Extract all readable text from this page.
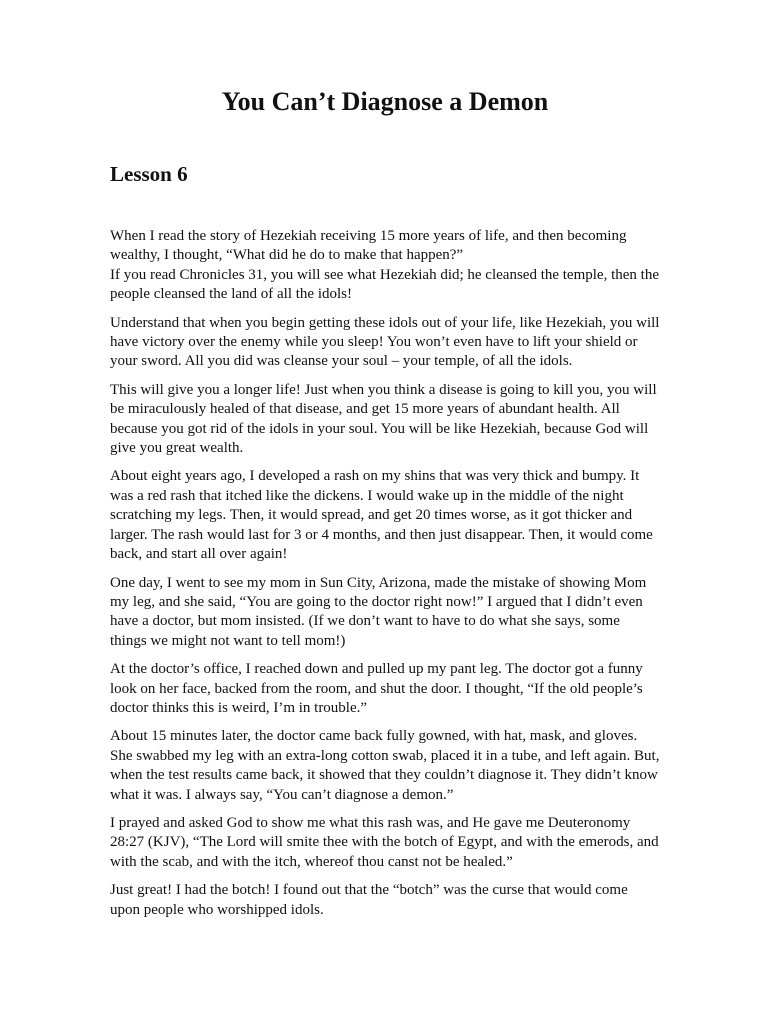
You Can’t Diagnose a Demon
Lesson 6

When I read the story of Hezekiah receiving 15 more years of life, and then becoming wealthy, I thought, “What did he do to make that happen?”

If you read Chronicles 31, you will see what Hezekiah did; he cleansed the temple, then the people cleansed the land of all the idols!

Understand that when you begin getting these idols out of your life, like Hezekiah, you will have victory over the enemy while you sleep! You won’t even have to lift your shield or your sword. All you did was cleanse your soul – your temple, of all the idols.

This will give you a longer life! Just when you think a disease is going to kill you, you will be miraculously healed of that disease, and get 15 more years of abundant health. All because you got rid of the idols in your soul. You will be like Hezekiah, because God will give you great wealth.

About eight years ago, I developed a rash on my shins that was very thick and bumpy. It was a red rash that itched like the dickens. I would wake up in the middle of the night scratching my legs. Then, it would spread, and get 20 times worse, as it got thicker and larger. The rash would last for 3 or 4 months, and then just disappear. Then, it would come back, and start all over again!

One day, I went to see my mom in Sun City, Arizona, made the mistake of showing Mom my leg, and she said, “You are going to the doctor right now!” I argued that I didn’t even have a doctor, but mom insisted. (If we don’t want to have to do what she says, some things we might not want to tell mom!)

At the doctor’s office, I reached down and pulled up my pant leg. The doctor got a funny look on her face, backed from the room, and shut the door. I thought, “If the old people’s doctor thinks this is weird, I’m in trouble.”

About 15 minutes later, the doctor came back fully gowned, with hat, mask, and gloves. She swabbed my leg with an extra-long cotton swab, placed it in a tube, and left again. But, when the test results came back, it showed that they couldn’t diagnose it. They didn’t know what it was. I always say, “You can’t diagnose a demon.”

I prayed and asked God to show me what this rash was, and He gave me Deuteronomy 28:27 (KJV), “The Lord will smite thee with the botch of Egypt, and with the emerods, and with the scab, and with the itch, whereof thou canst not be healed.”

Just great! I had the botch! I found out that the “botch” was the curse that would come upon people who worshipped idols.
